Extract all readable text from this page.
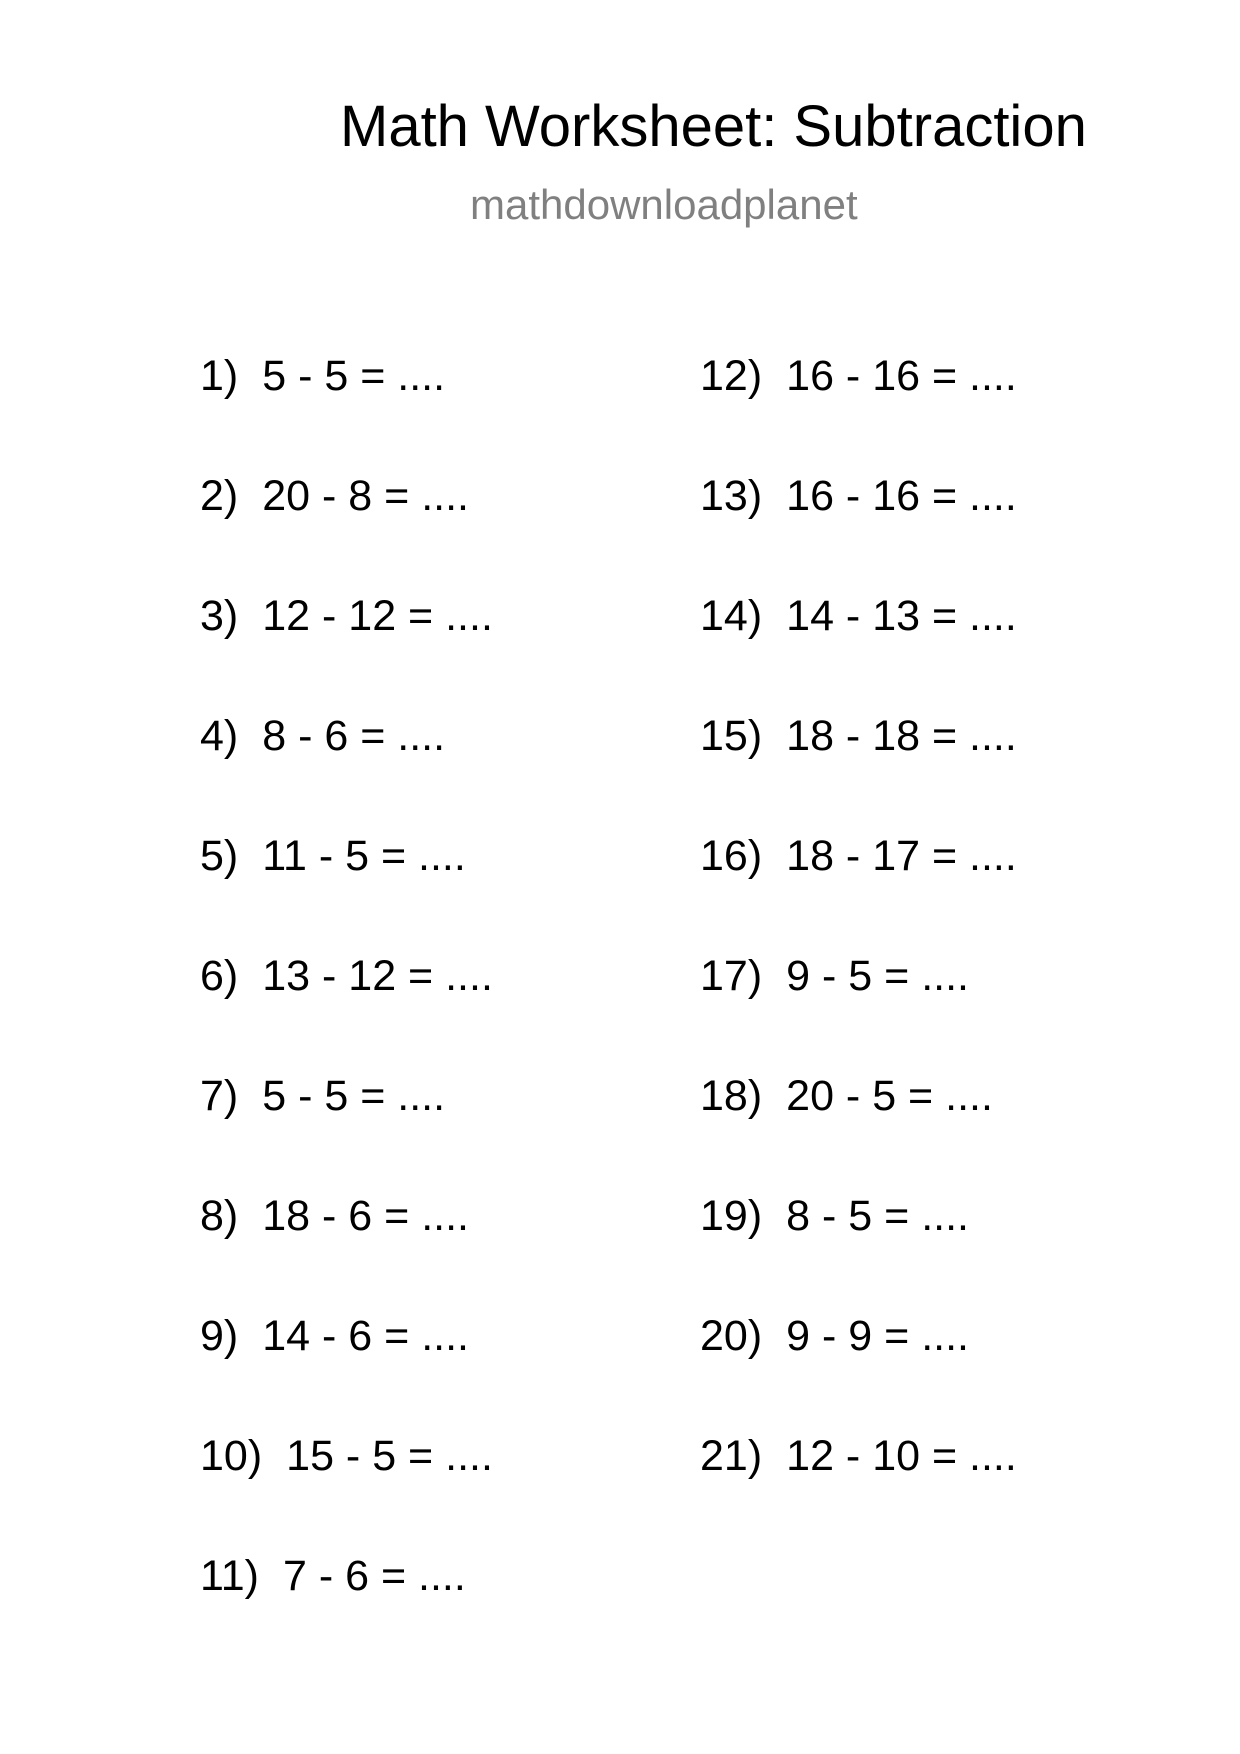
Math Worksheet: Subtraction
mathdownloadplanet
1) 5 - 5 = ....
2) 20 - 8 = ....
3) 12 - 12 = ....
4) 8 - 6 = ....
5) 11 - 5 = ....
6) 13 - 12 = ....
7) 5 - 5 = ....
8) 18 - 6 = ....
9) 14 - 6 = ....
10) 15 - 5 = ....
11) 7 - 6 = ....
12) 16 - 16 = ....
13) 16 - 16 = ....
14) 14 - 13 = ....
15) 18 - 18 = ....
16) 18 - 17 = ....
17) 9 - 5 = ....
18) 20 - 5 = ....
19) 8 - 5 = ....
20) 9 - 9 = ....
21) 12 - 10 = ....
